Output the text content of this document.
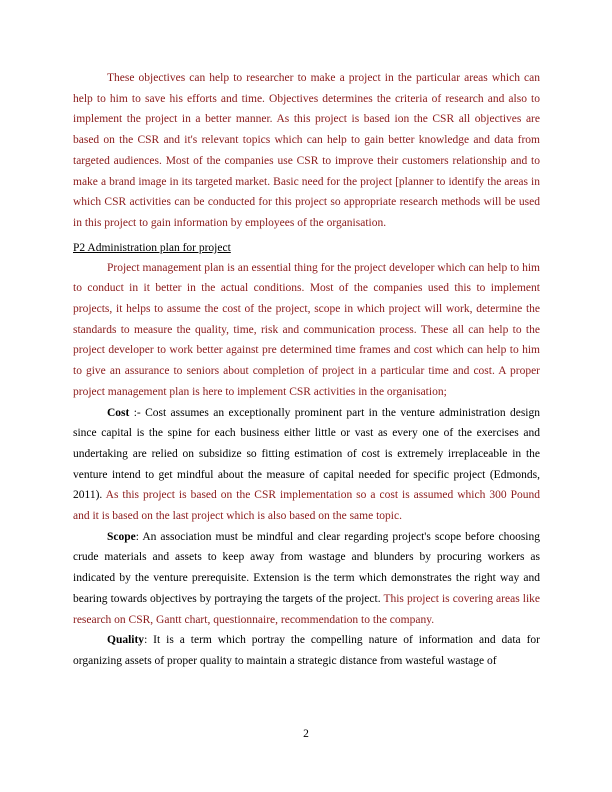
These objectives can help to researcher to make a project in the particular areas which can help to him to save his efforts and time. Objectives determines the criteria of research and also to implement the project in a better manner. As this project is based ion the CSR all objectives are based on the CSR and it's relevant topics which can help to gain better knowledge and data from targeted audiences. Most of the companies use CSR to improve their customers relationship and to make a brand image in its targeted market. Basic need for the project [planner to identify the areas in which CSR activities can be conducted for this project so appropriate research methods will be used in this project to gain information by employees of the organisation.

P2 Administration plan for project

Project management plan is an essential thing for the project developer which can help to him to conduct in it better in the actual conditions. Most of the companies used this to implement projects, it helps to assume the cost of the project, scope in which project will work, determine the standards to measure the quality, time, risk and communication process. These all can help to the project developer to work better against pre determined time frames and cost which can help to him to give an assurance to seniors about completion of project in a particular time and cost. A proper project management plan is here to implement CSR activities in the organisation;

Cost :- Cost assumes an exceptionally prominent part in the venture administration design since capital is the spine for each business either little or vast as every one of the exercises and undertaking are relied on subsidize so fitting estimation of cost is extremely irreplaceable in the venture intend to get mindful about the measure of capital needed for specific project (Edmonds, 2011). As this project is based on the CSR implementation so a cost is assumed which 300 Pound and it is based on the last project which is also based on the same topic.

Scope: An association must be mindful and clear regarding project's scope before choosing crude materials and assets to keep away from wastage and blunders by procuring workers as indicated by the venture prerequisite. Extension is the term which demonstrates the right way and bearing towards objectives by portraying the targets of the project. This project is covering areas like research on CSR, Gantt chart, questionnaire, recommendation to the company.

Quality: It is a term which portray the compelling nature of information and data for organizing assets of proper quality to maintain a strategic distance from wasteful wastage of

2
